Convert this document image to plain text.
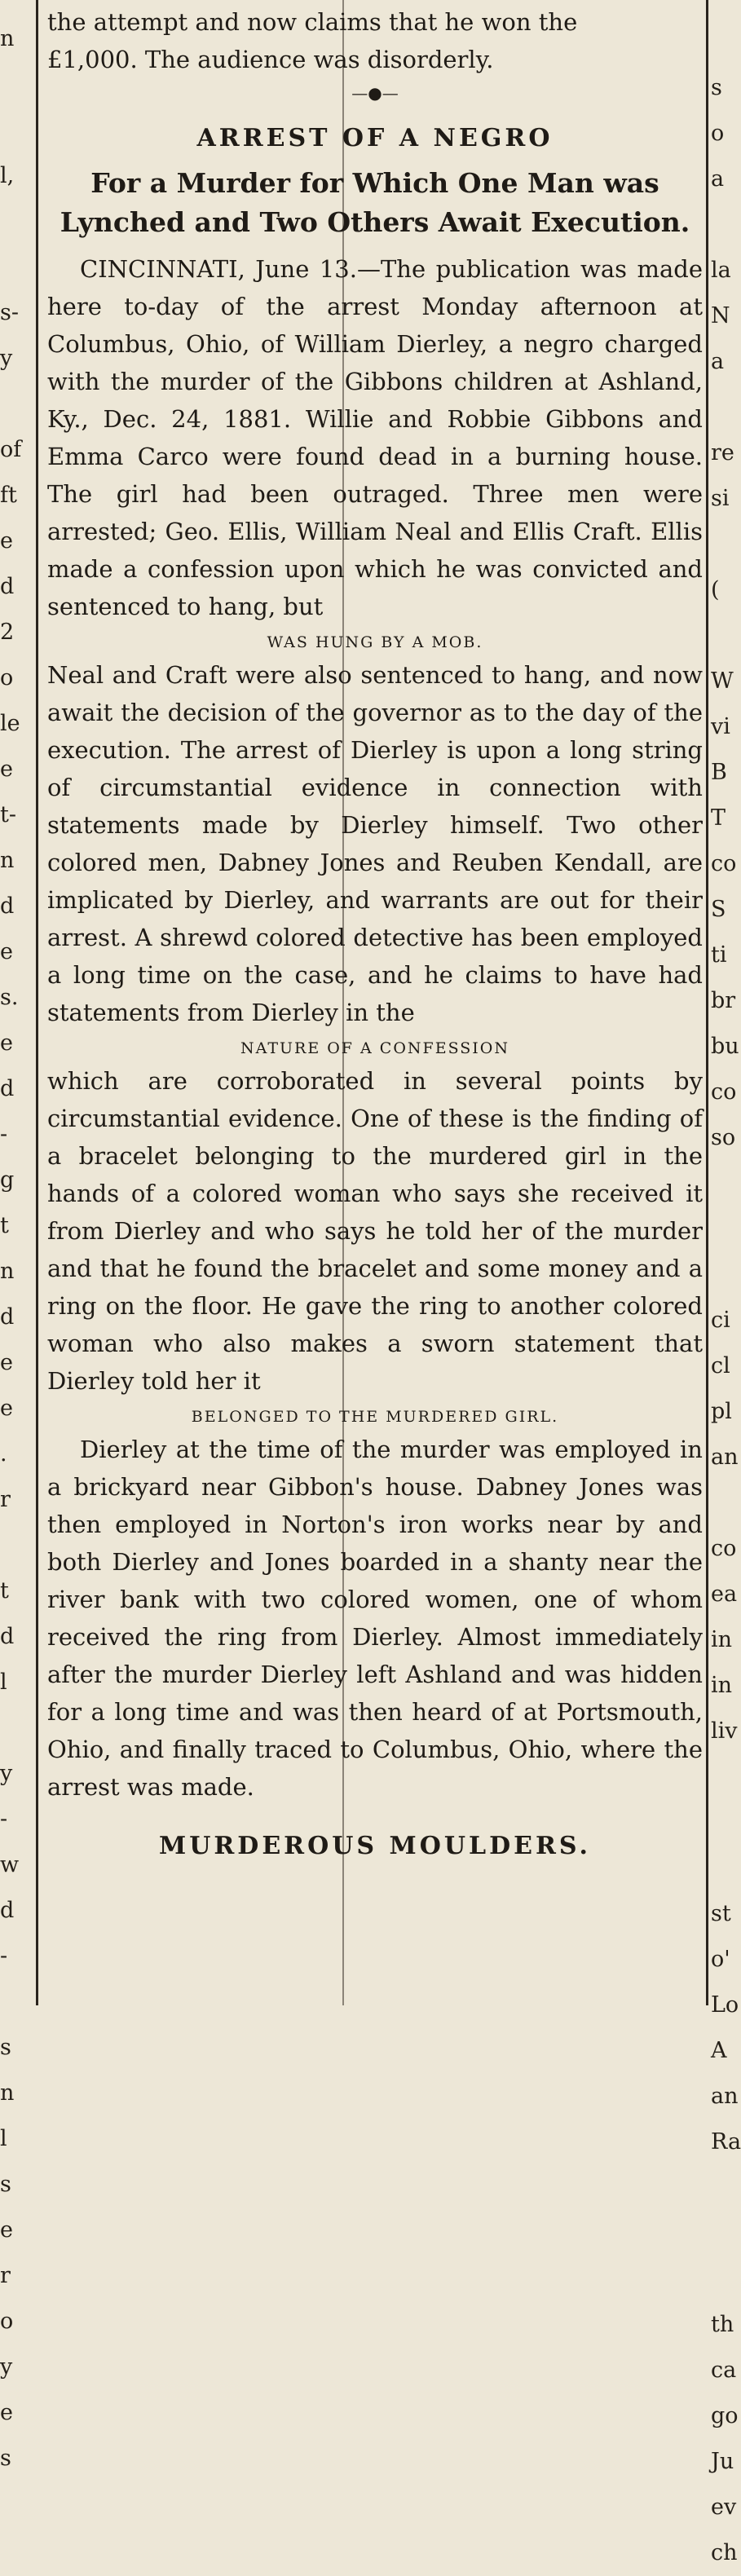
n
l,
s-
y
of
ft
e
d
2
o
le
e
t-
n
d
e
s.
e
d
-
g
t
n
d
e
e
.
r
t
d
l
y
-
w
d
-
s
n
l
s
e
r
o
y
e
s
s
o
a
la
N
a
re
si
(
W
vi
B
T
co
S
ti
br
bu
co
so
ci
cl
pl
an
co
ea
in
in
liv
st
o'
Lo
A
an
Ra
th
ca
go
Ju
ev
ch
the attempt and now claims that he won the
£1,000. The audience was disorderly.
—●—
ARREST OF A NEGRO
For a Murder for Which One Man was Lynched and Two Others Await Execution.

CINCINNATI, June 13.—The publication was made here to-day of the arrest Monday afternoon at Columbus, Ohio, of William Dierley, a negro charged with the murder of the Gibbons children at Ashland, Ky., Dec. 24, 1881. Willie and Robbie Gibbons and Emma Carco were found dead in a burning house. The girl had been outraged. Three men were arrested; Geo. Ellis, William Neal and Ellis Craft. Ellis made a confession upon which he was convicted and sentenced to hang, but

WAS HUNG BY A MOB.

Neal and Craft were also sentenced to hang, and now await the decision of the governor as to the day of the execution. The arrest of Dierley is upon a long string of circumstantial evidence in connection with statements made by Dierley himself. Two other colored men, Dabney Jones and Reuben Kendall, are implicated by Dierley, and warrants are out for their arrest. A shrewd colored detective has been employed a long time on the case, and he claims to have had statements from Dierley in the

NATURE OF A CONFESSION

which are corroborated in several points by circumstantial evidence. One of these is the finding of a bracelet belonging to the murdered girl in the hands of a colored woman who says she received it from Dierley and who says he told her of the murder and that he found the bracelet and some money and a ring on the floor. He gave the ring to another colored woman who also makes a sworn statement that Dierley told her it

BELONGED TO THE MURDERED GIRL.

Dierley at the time of the murder was employed in a brickyard near Gibbon's house. Dabney Jones was then employed in Norton's iron works near by and both Dierley and Jones boarded in a shanty near the river bank with two colored women, one of whom received the ring from Dierley. Almost immediately after the murder Dierley left Ashland and was hidden for a long time and was then heard of at Portsmouth, Ohio, and finally traced to Columbus, Ohio, where the arrest was made.

MURDEROUS MOULDERS.
